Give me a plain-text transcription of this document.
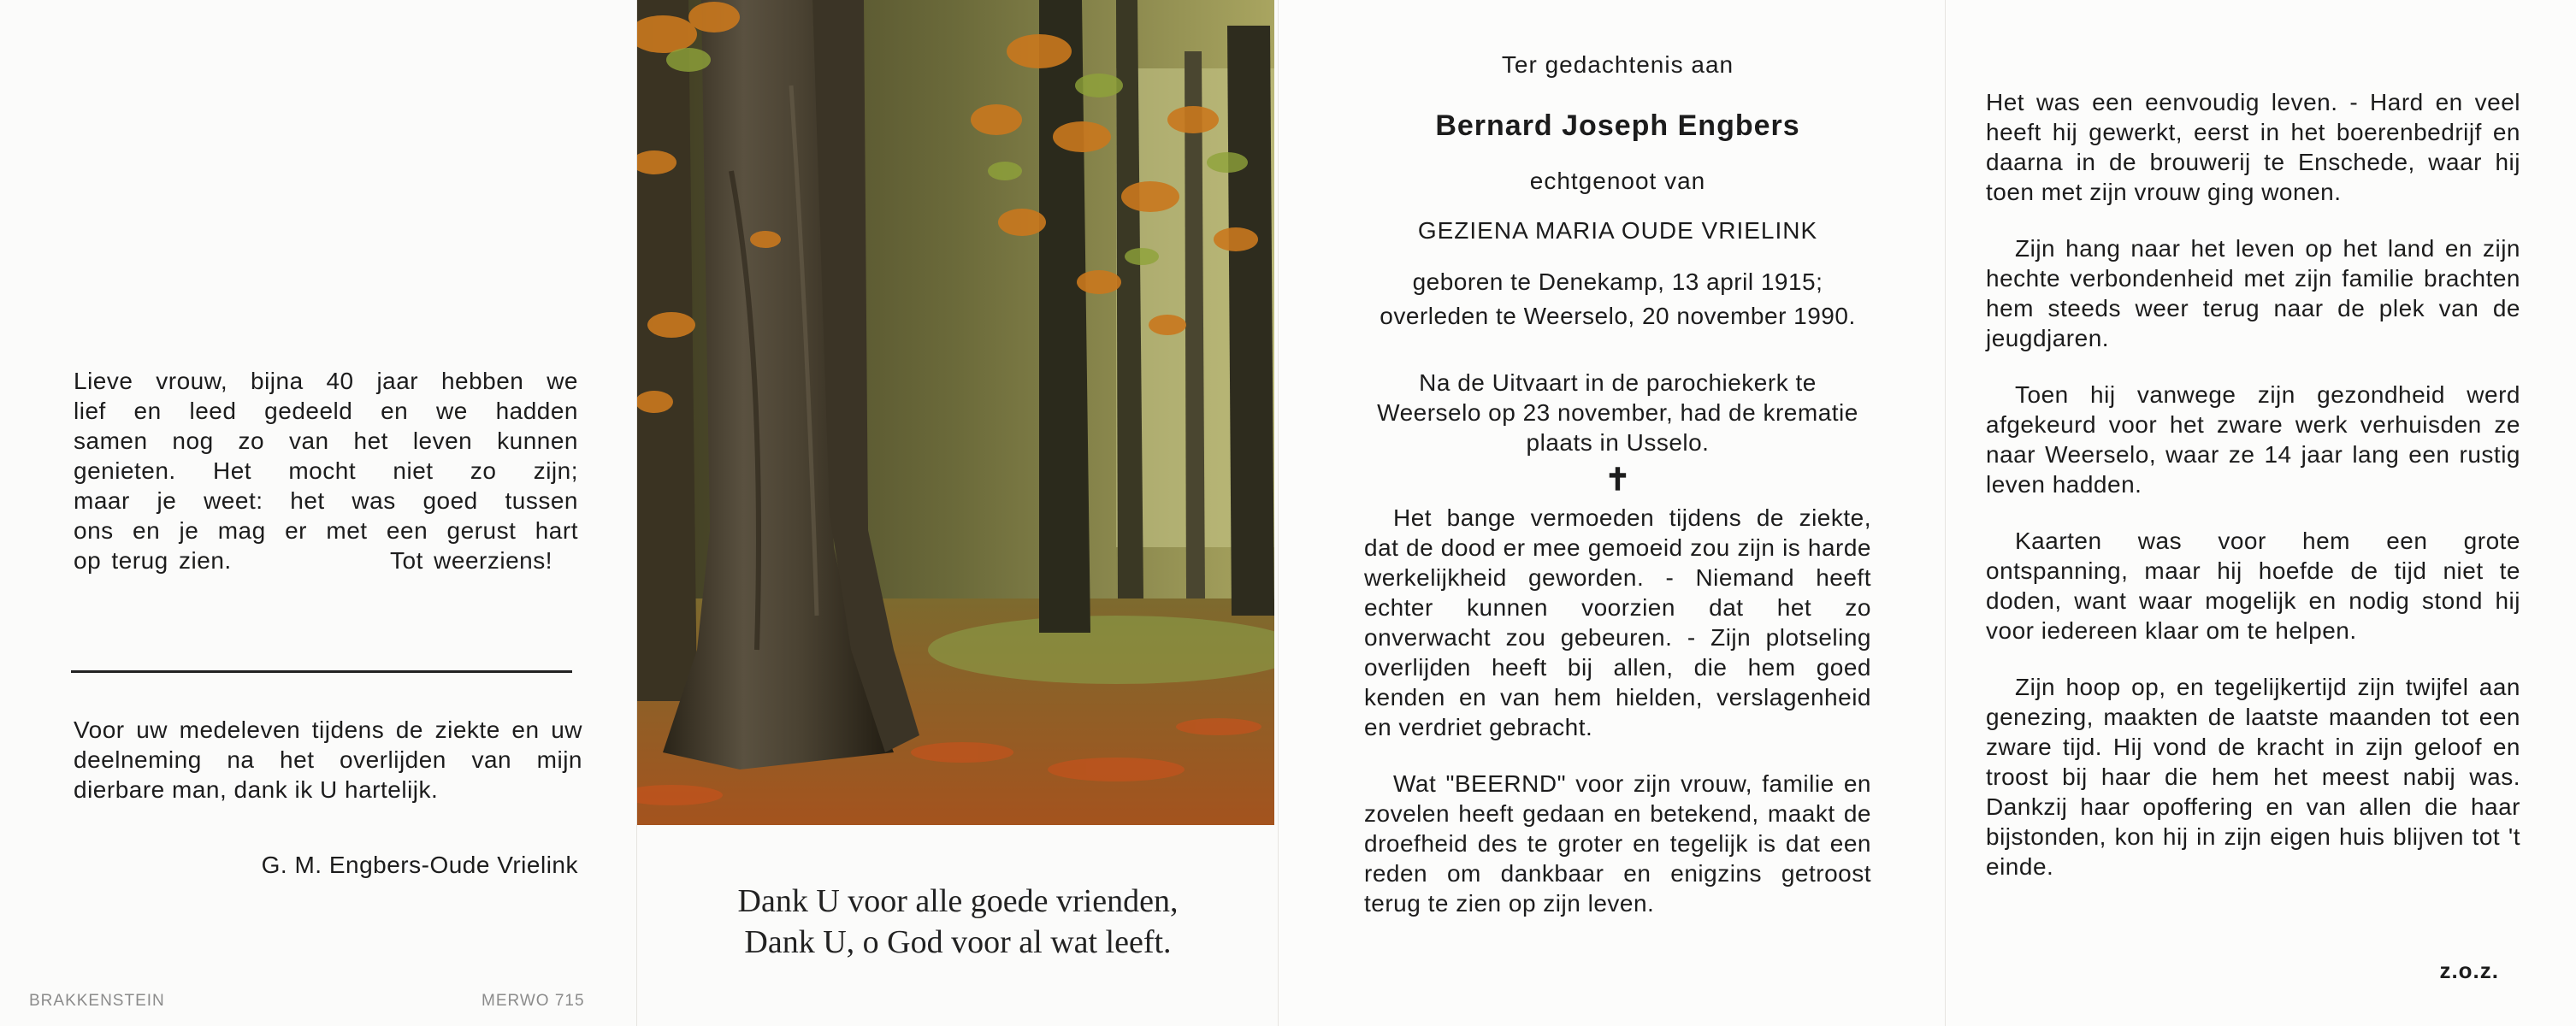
Lieve vrouw, bijna 40 jaar hebben we

lief en leed gedeeld en we hadden

samen nog zo van het leven kunnen

genieten. Het mocht niet zo zijn;

maar je weet: het was goed tussen

ons en je mag er met een gerust hart

op terug zien.	Tot weerziens!

Voor uw medeleven tijdens de ziekte en uw deelneming na het overlijden van mijn dierbare man, dank ik U hartelijk.

G. M. Engbers-Oude Vrielink
BRAKKENSTEIN	MERWO 715
Dank U voor alle goede vrienden,
Dank U, o God voor al wat leeft.
Ter gedachtenis aan
Bernard Joseph Engbers
echtgenoot van
GEZIENA MARIA OUDE VRIELINK
geboren te Denekamp, 13 april 1915;
overleden te Weerselo, 20 november 1990.
Na de Uitvaart in de parochiekerk te Weerselo op 23 november, had de krematie plaats in Usselo.
✝

Het bange vermoeden tijdens de ziekte, dat de dood er mee gemoeid zou zijn is harde werkelijkheid geworden. - Niemand heeft echter kunnen voorzien dat het zo onverwacht zou gebeuren. - Zijn plotseling overlijden heeft bij allen, die hem goed kenden en van hem hielden, verslagenheid en verdriet gebracht.

Wat "BEERND" voor zijn vrouw, familie en zovelen heeft gedaan en betekend, maakt de droefheid des te groter en tegelijk is dat een reden om dankbaar en enigzins getroost terug te zien op zijn leven.

Het was een eenvoudig leven. - Hard en veel heeft hij gewerkt, eerst in het boerenbedrijf en daarna in de brouwerij te Enschede, waar hij toen met zijn vrouw ging wonen.

Zijn hang naar het leven op het land en zijn hechte verbondenheid met zijn familie brachten hem steeds weer terug naar de plek van de jeugdjaren.

Toen hij vanwege zijn gezondheid werd afgekeurd voor het zware werk verhuisden ze naar Weerselo, waar ze 14 jaar lang een rustig leven hadden.

Kaarten was voor hem een grote ontspanning, maar hij hoefde de tijd niet te doden, want waar mogelijk en nodig stond hij voor iedereen klaar om te helpen.

Zijn hoop op, en tegelijkertijd zijn twijfel aan genezing, maakten de laatste maanden tot een zware tijd. Hij vond de kracht in zijn geloof en troost bij haar die hem het meest nabij was. Dankzij haar opoffering en van allen die haar bijstonden, kon hij in zijn eigen huis blijven tot 't einde.

z.o.z.
